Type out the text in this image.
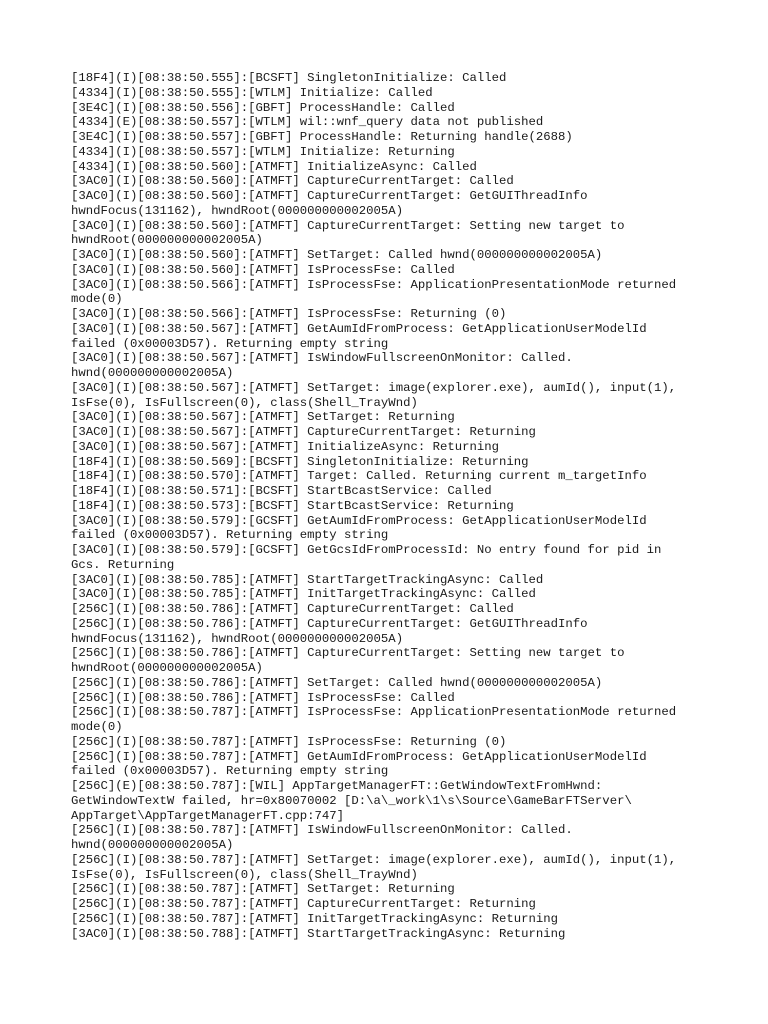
[18F4](I)[08:38:50.555]:[BCSFT] SingletonInitialize: Called
[4334](I)[08:38:50.555]:[WTLM] Initialize: Called
[3E4C](I)[08:38:50.556]:[GBFT] ProcessHandle: Called
[4334](E)[08:38:50.557]:[WTLM] wil::wnf_query data not published
[3E4C](I)[08:38:50.557]:[GBFT] ProcessHandle: Returning handle(2688)
[4334](I)[08:38:50.557]:[WTLM] Initialize: Returning
[4334](I)[08:38:50.560]:[ATMFT] InitializeAsync: Called
[3AC0](I)[08:38:50.560]:[ATMFT] CaptureCurrentTarget: Called
[3AC0](I)[08:38:50.560]:[ATMFT] CaptureCurrentTarget: GetGUIThreadInfo
hwndFocus(131162), hwndRoot(000000000002005A)
[3AC0](I)[08:38:50.560]:[ATMFT] CaptureCurrentTarget: Setting new target to
hwndRoot(000000000002005A)
[3AC0](I)[08:38:50.560]:[ATMFT] SetTarget: Called hwnd(000000000002005A)
[3AC0](I)[08:38:50.560]:[ATMFT] IsProcessFse: Called
[3AC0](I)[08:38:50.566]:[ATMFT] IsProcessFse: ApplicationPresentationMode returned
mode(0)
[3AC0](I)[08:38:50.566]:[ATMFT] IsProcessFse: Returning (0)
[3AC0](I)[08:38:50.567]:[ATMFT] GetAumIdFromProcess: GetApplicationUserModelId
failed (0x00003D57). Returning empty string
[3AC0](I)[08:38:50.567]:[ATMFT] IsWindowFullscreenOnMonitor: Called.
hwnd(000000000002005A)
[3AC0](I)[08:38:50.567]:[ATMFT] SetTarget: image(explorer.exe), aumId(), input(1),
IsFse(0), IsFullscreen(0), class(Shell_TrayWnd)
[3AC0](I)[08:38:50.567]:[ATMFT] SetTarget: Returning
[3AC0](I)[08:38:50.567]:[ATMFT] CaptureCurrentTarget: Returning
[3AC0](I)[08:38:50.567]:[ATMFT] InitializeAsync: Returning
[18F4](I)[08:38:50.569]:[BCSFT] SingletonInitialize: Returning
[18F4](I)[08:38:50.570]:[ATMFT] Target: Called. Returning current m_targetInfo
[18F4](I)[08:38:50.571]:[BCSFT] StartBcastService: Called
[18F4](I)[08:38:50.573]:[BCSFT] StartBcastService: Returning
[3AC0](I)[08:38:50.579]:[GCSFT] GetAumIdFromProcess: GetApplicationUserModelId
failed (0x00003D57). Returning empty string
[3AC0](I)[08:38:50.579]:[GCSFT] GetGcsIdFromProcessId: No entry found for pid in
Gcs. Returning
[3AC0](I)[08:38:50.785]:[ATMFT] StartTargetTrackingAsync: Called
[3AC0](I)[08:38:50.785]:[ATMFT] InitTargetTrackingAsync: Called
[256C](I)[08:38:50.786]:[ATMFT] CaptureCurrentTarget: Called
[256C](I)[08:38:50.786]:[ATMFT] CaptureCurrentTarget: GetGUIThreadInfo
hwndFocus(131162), hwndRoot(000000000002005A)
[256C](I)[08:38:50.786]:[ATMFT] CaptureCurrentTarget: Setting new target to
hwndRoot(000000000002005A)
[256C](I)[08:38:50.786]:[ATMFT] SetTarget: Called hwnd(000000000002005A)
[256C](I)[08:38:50.786]:[ATMFT] IsProcessFse: Called
[256C](I)[08:38:50.787]:[ATMFT] IsProcessFse: ApplicationPresentationMode returned
mode(0)
[256C](I)[08:38:50.787]:[ATMFT] IsProcessFse: Returning (0)
[256C](I)[08:38:50.787]:[ATMFT] GetAumIdFromProcess: GetApplicationUserModelId
failed (0x00003D57). Returning empty string
[256C](E)[08:38:50.787]:[WIL] AppTargetManagerFT::GetWindowTextFromHwnd:
GetWindowTextW failed, hr=0x80070002 [D:\a\_work\1\s\Source\GameBarFTServer\
AppTarget\AppTargetManagerFT.cpp:747]
[256C](I)[08:38:50.787]:[ATMFT] IsWindowFullscreenOnMonitor: Called.
hwnd(000000000002005A)
[256C](I)[08:38:50.787]:[ATMFT] SetTarget: image(explorer.exe), aumId(), input(1),
IsFse(0), IsFullscreen(0), class(Shell_TrayWnd)
[256C](I)[08:38:50.787]:[ATMFT] SetTarget: Returning
[256C](I)[08:38:50.787]:[ATMFT] CaptureCurrentTarget: Returning
[256C](I)[08:38:50.787]:[ATMFT] InitTargetTrackingAsync: Returning
[3AC0](I)[08:38:50.788]:[ATMFT] StartTargetTrackingAsync: Returning
